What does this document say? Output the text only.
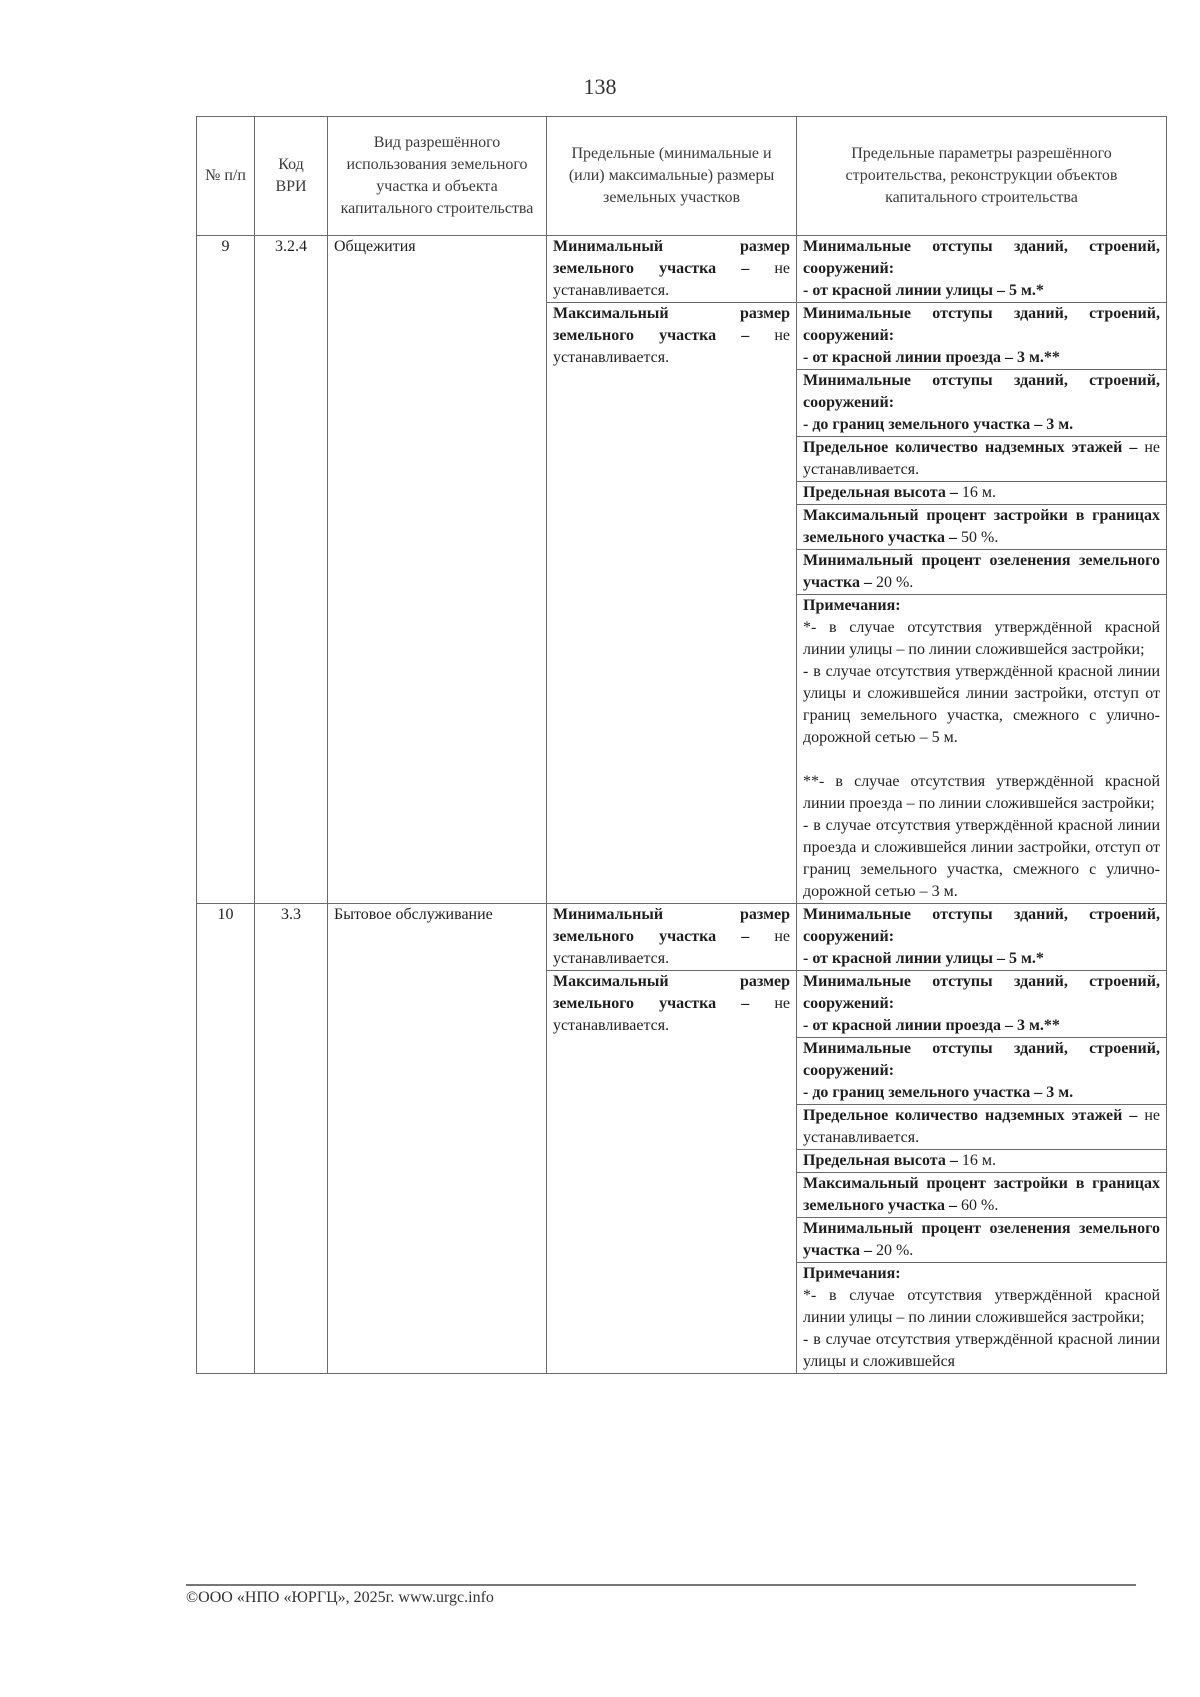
138
№ п/п	Код ВРИ	Вид разрешённого использования земельного участка и объекта капитального строительства	Предельные (минимальные и (или) максимальные) размеры земельных участков	Предельные параметры разрешённого строительства, реконструкции объектов капитального строительства
9	3.2.4	Общежития	Минимальный размер земельного участка – не устанавливается.	Минимальные отступы зданий, строений, сооружений:
- от красной линии улицы – 5 м.*

			Максимальный размер земельного участка – не устанавливается.	Минимальные отступы зданий, строений, сооружений:
- от красной линии проезда – 3 м.**

				Минимальные отступы зданий, строений, сооружений:
- до границ земельного участка – 3 м.

				Предельное количество надземных этажей – не устанавливается.
				Предельная высота – 16 м.
				Максимальный процент застройки в границах земельного участка – 50 %.
				Минимальный процент озеленения земельного участка – 20 %.

				Примечания:
*- в случае отсутствия утверждённой красной линии улицы – по линии сложившейся застройки;
- в случае отсутствия утверждённой красной линии улицы и сложившейся линии застройки, отступ от границ земельного участка, смежного с улично-дорожной сетью – 5 м.
**- в случае отсутствия утверждённой красной линии проезда – по линии сложившейся застройки;
- в случае отсутствия утверждённой красной линии проезда и сложившейся линии застройки, отступ от границ земельного участка, смежного с улично-дорожной сетью – 3 м.

10	3.3	Бытовое обслуживание	Минимальный размер земельного участка – не устанавливается.	Минимальные отступы зданий, строений, сооружений:
- от красной линии улицы – 5 м.*

			Максимальный размер земельного участка – не устанавливается.	Минимальные отступы зданий, строений, сооружений:
- от красной линии проезда – 3 м.**

				Минимальные отступы зданий, строений, сооружений:
- до границ земельного участка – 3 м.

				Предельное количество надземных этажей – не устанавливается.
				Предельная высота – 16 м.
				Максимальный процент застройки в границах земельного участка – 60 %.
				Минимальный процент озеленения земельного участка – 20 %.

				Примечания:
*- в случае отсутствия утверждённой красной линии улицы – по линии сложившейся застройки;
- в случае отсутствия утверждённой красной линии улицы и сложившейся
©ООО «НПО «ЮРГЦ», 2025г. www.urgc.info
